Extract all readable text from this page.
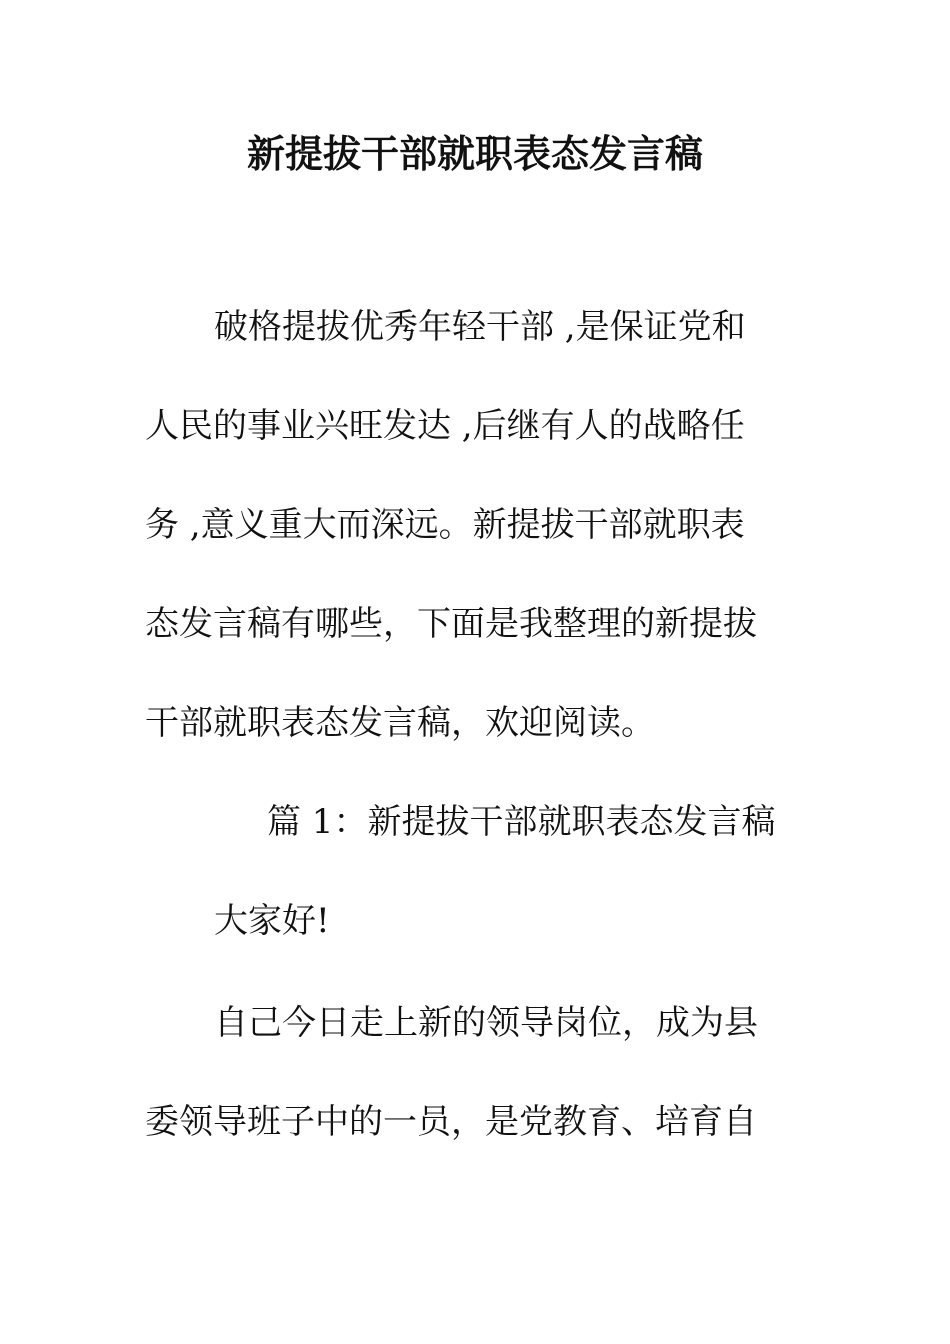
新提拔干部就职表态发言稿
破格提拔优秀年轻干部 ,是保证党和
人民的事业兴旺发达 ,后继有人的战略任
务 ,意义重大而深远。新提拔干部就职表
态发言稿有哪些，下面是我整理的新提拔
干部就职表态发言稿，欢迎阅读。
篇 1：新提拔干部就职表态发言稿
大家好!
自己今日走上新的领导岗位，成为县
委领导班子中的一员，是党教育、培育自
